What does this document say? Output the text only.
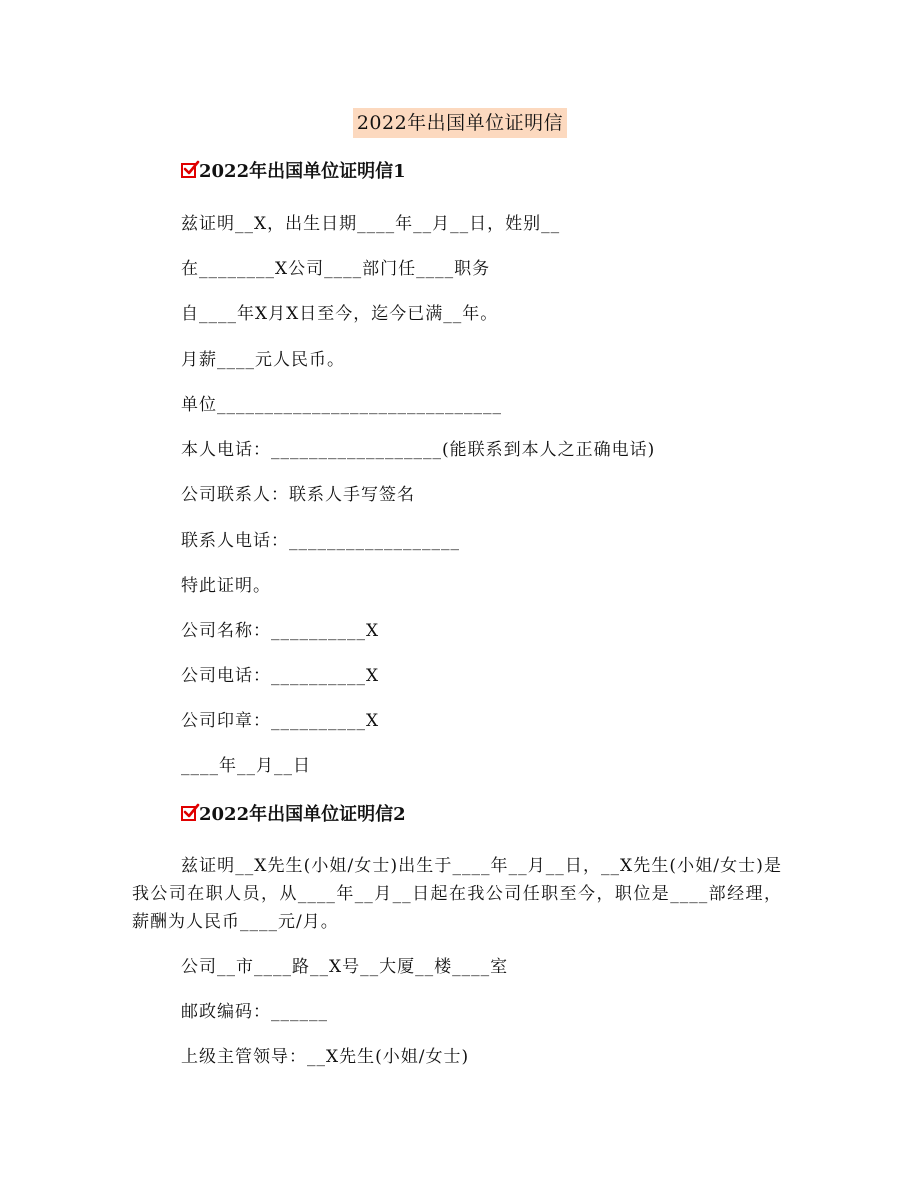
2022年出国单位证明信
2022年出国单位证明信1
兹证明__X，出生日期____年__月__日，姓别__
在________X公司____部门任____职务
自____年X月X日至今，迄今已满__年。
月薪____元人民币。
单位______________________________
本人电话：__________________(能联系到本人之正确电话)
公司联系人：联系人手写签名
联系人电话：__________________
特此证明。
公司名称：__________X
公司电话：__________X
公司印章：__________X
____年__月__日
2022年出国单位证明信2
兹证明__X先生(小姐/女士)出生于____年__月__日，__X先生(小姐/女士)是我公司在职人员，从____年__月__日起在我公司任职至今，职位是____部经理，薪酬为人民币____元/月。
公司__市____路__X号__大厦__楼____室
邮政编码：______
上级主管领导：__X先生(小姐/女士)
